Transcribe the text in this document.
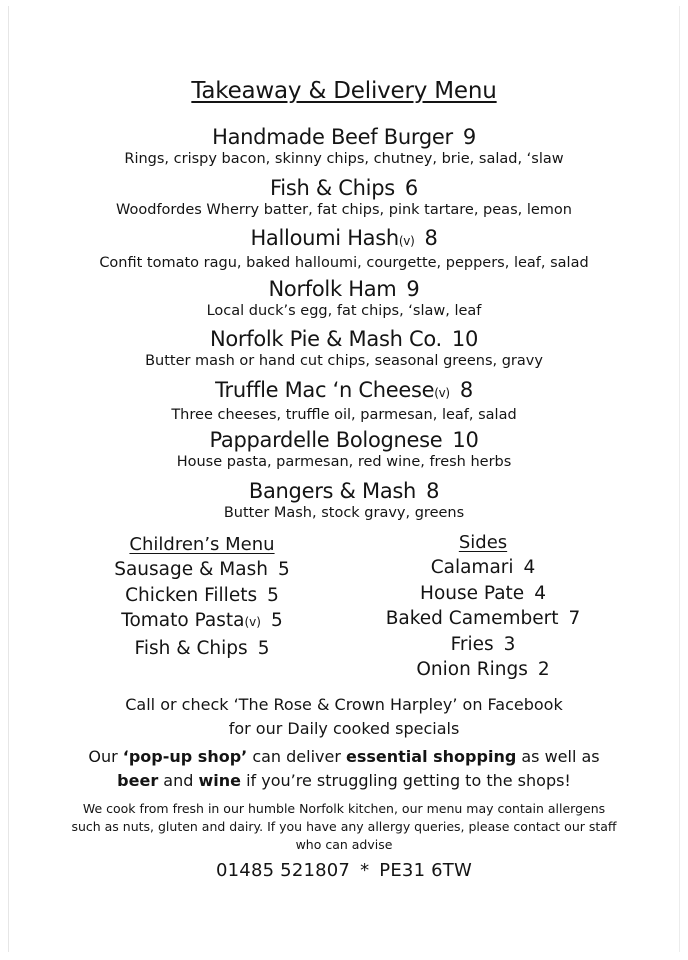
Takeaway & Delivery Menu
Handmade Beef Burger 9
Rings, crispy bacon, skinny chips, chutney, brie, salad, ‘slaw
Fish & Chips 6
Woodfordes Wherry batter, fat chips, pink tartare, peas, lemon
Halloumi Hash(v) 8
Confit tomato ragu, baked halloumi, courgette, peppers, leaf, salad
Norfolk Ham 9
Local duck’s egg, fat chips, ‘slaw, leaf
Norfolk Pie & Mash Co. 10
Butter mash or hand cut chips, seasonal greens, gravy
Truffle Mac ‘n Cheese(v) 8
Three cheeses, truffle oil, parmesan, leaf, salad
Pappardelle Bolognese 10
House pasta, parmesan, red wine, fresh herbs
Bangers & Mash 8
Butter Mash, stock gravy, greens
Children’s Menu
Sausage & Mash 5
Chicken Fillets 5
Tomato Pasta(v) 5
Fish & Chips 5
Sides
Calamari 4
House Pate 4
Baked Camembert 7
Fries 3
Onion Rings 2
Call or check ‘The Rose & Crown Harpley’ on Facebook
for our Daily cooked specials
Our ‘pop-up shop’ can deliver essential shopping as well as
beer and wine if you’re struggling getting to the shops!
We cook from fresh in our humble Norfolk kitchen, our menu may contain allergens such as nuts, gluten and dairy. If you have any allergy queries, please contact our staff who can advise
01485 521807 * PE31 6TW
